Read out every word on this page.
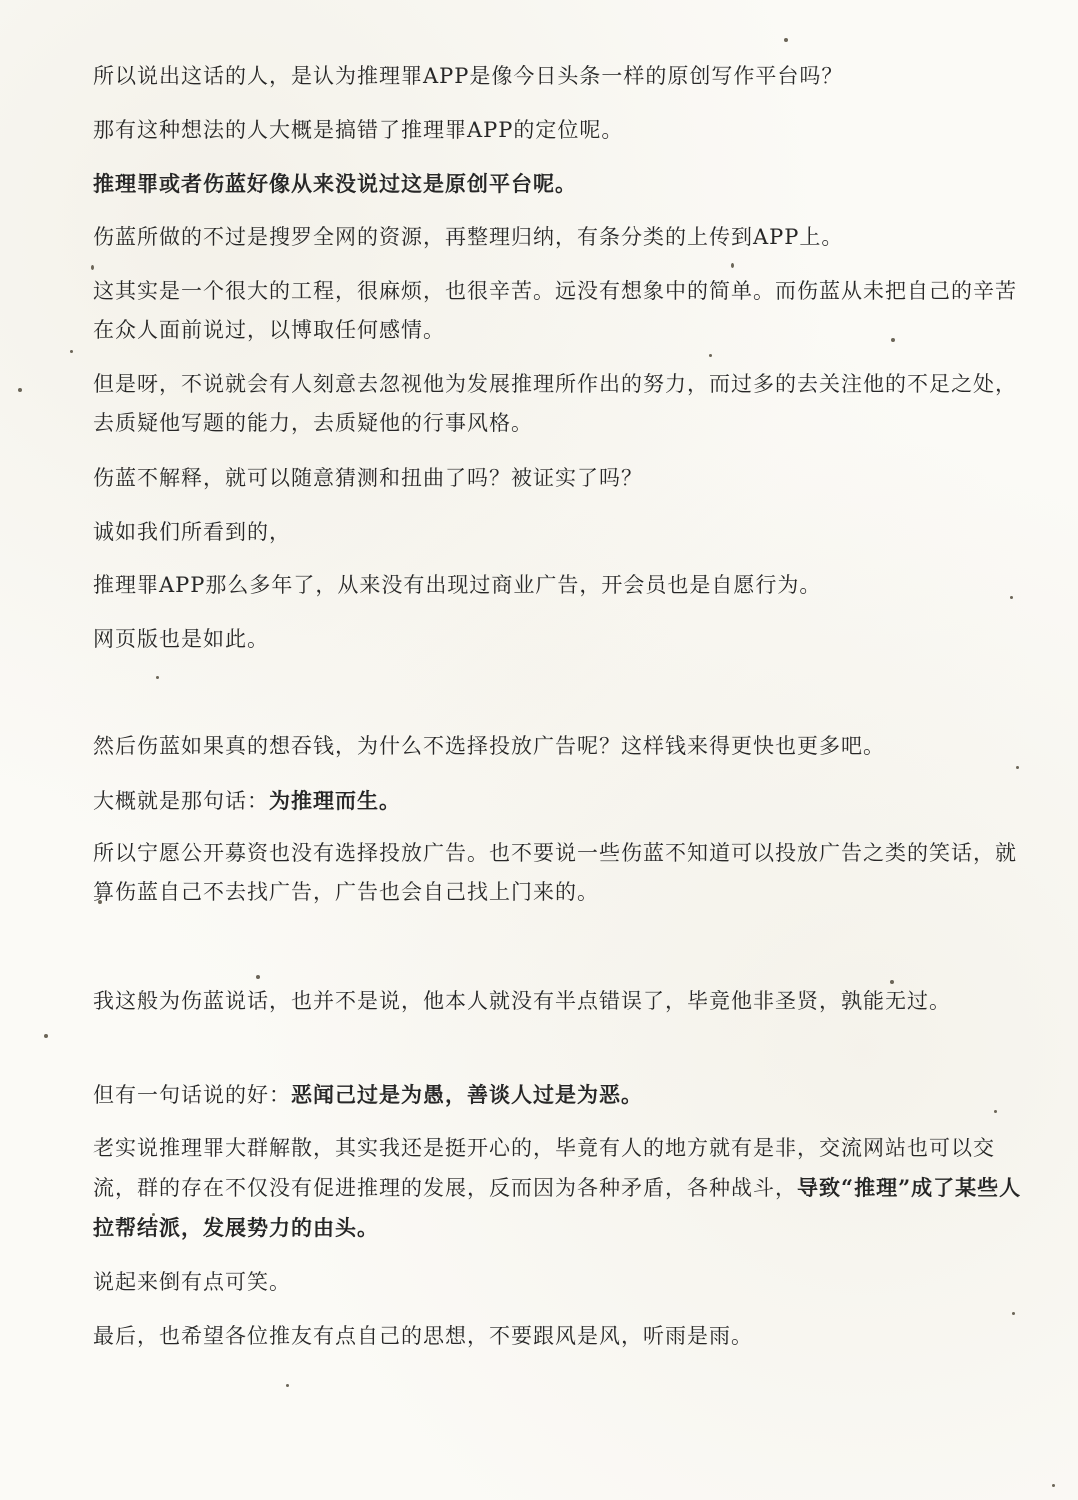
所以说出这话的人，是认为推理罪APP是像今日头条一样的原创写作平台吗？
那有这种想法的人大概是搞错了推理罪APP的定位呢。
推理罪或者伤蓝好像从来没说过这是原创平台呢。
伤蓝所做的不过是搜罗全网的资源，再整理归纳，有条分类的上传到APP上。
这其实是一个很大的工程，很麻烦，也很辛苦。远没有想象中的简单。而伤蓝从未把自己的辛苦在众人面前说过，以博取任何感情。
但是呀，不说就会有人刻意去忽视他为发展推理所作出的努力，而过多的去关注他的不足之处，去质疑他写题的能力，去质疑他的行事风格。
伤蓝不解释，就可以随意猜测和扭曲了吗？被证实了吗？
诚如我们所看到的，
推理罪APP那么多年了，从来没有出现过商业广告，开会员也是自愿行为。
网页版也是如此。
然后伤蓝如果真的想吞钱，为什么不选择投放广告呢？这样钱来得更快也更多吧。
大概就是那句话：为推理而生。
所以宁愿公开募资也没有选择投放广告。也不要说一些伤蓝不知道可以投放广告之类的笑话，就算伤蓝自己不去找广告，广告也会自己找上门来的。
我这般为伤蓝说话，也并不是说，他本人就没有半点错误了，毕竟他非圣贤，孰能无过。
但有一句话说的好：恶闻己过是为愚，善谈人过是为恶。
老实说推理罪大群解散，其实我还是挺开心的，毕竟有人的地方就有是非，交流网站也可以交流，群的存在不仅没有促进推理的发展，反而因为各种矛盾，各种战斗，导致“推理”成了某些人拉帮结派，发展势力的由头。
说起来倒有点可笑。
最后，也希望各位推友有点自己的思想，不要跟风是风，听雨是雨。
